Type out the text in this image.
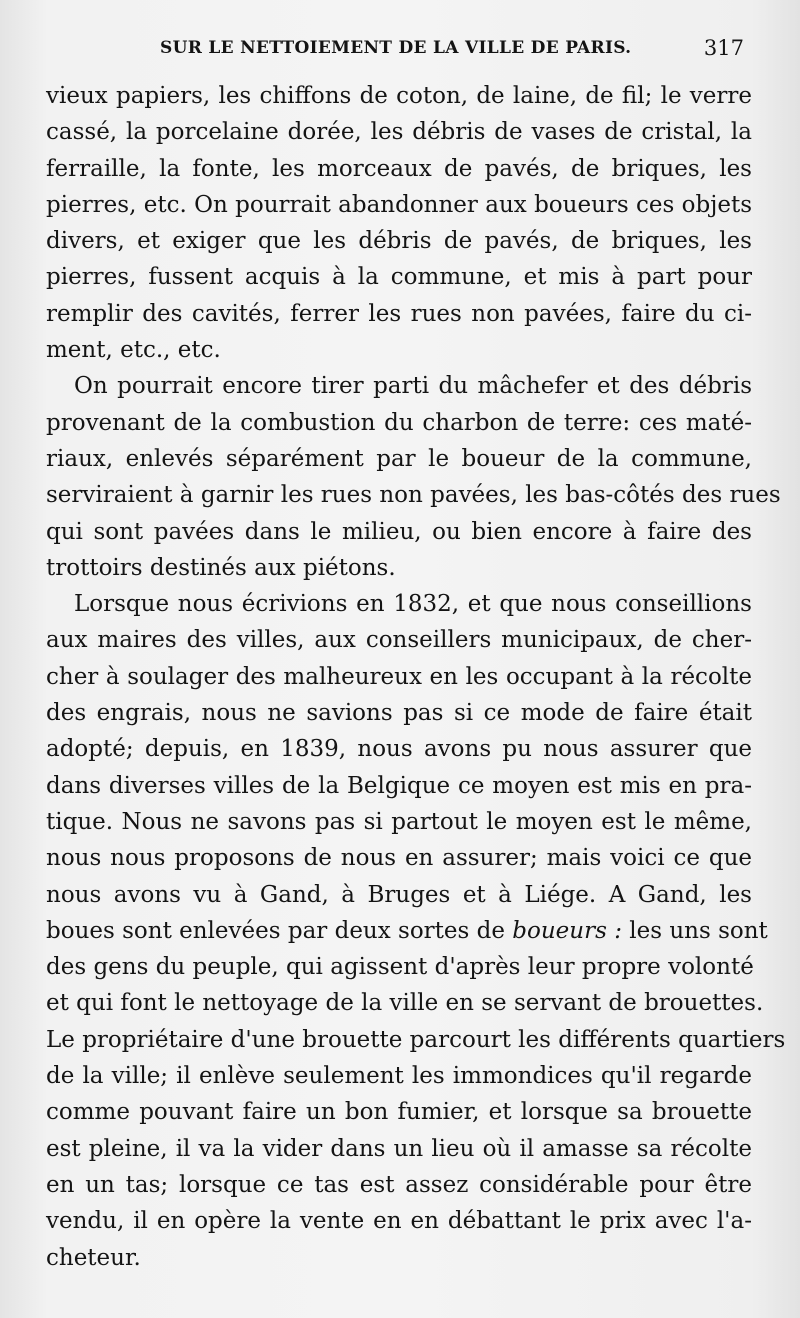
SUR LE NETTOIEMENT DE LA VILLE DE PARIS.	317
vieux papiers, les chiffons de coton, de laine, de fil; le verre
cassé, la porcelaine dorée, les débris de vases de cristal, la
ferraille, la fonte, les morceaux de pavés, de briques, les
pierres, etc. On pourrait abandonner aux boueurs ces objets
divers, et exiger que les débris de pavés, de briques, les
pierres, fussent acquis à la commune, et mis à part pour
remplir des cavités, ferrer les rues non pavées, faire du ci-
ment, etc., etc.
On pourrait encore tirer parti du mâchefer et des débris
provenant de la combustion du charbon de terre: ces maté-
riaux, enlevés séparément par le boueur de la commune,
serviraient à garnir les rues non pavées, les bas-côtés des rues
qui sont pavées dans le milieu, ou bien encore à faire des
trottoirs destinés aux piétons.
Lorsque nous écrivions en 1832, et que nous conseillions
aux maires des villes, aux conseillers municipaux, de cher-
cher à soulager des malheureux en les occupant à la récolte
des engrais, nous ne savions pas si ce mode de faire était
adopté; depuis, en 1839, nous avons pu nous assurer que
dans diverses villes de la Belgique ce moyen est mis en pra-
tique. Nous ne savons pas si partout le moyen est le même,
nous nous proposons de nous en assurer; mais voici ce que
nous avons vu à Gand, à Bruges et à Liége. A Gand, les
boues sont enlevées par deux sortes de boueurs : les uns sont
des gens du peuple, qui agissent d'après leur propre volonté
et qui font le nettoyage de la ville en se servant de brouettes.
Le propriétaire d'une brouette parcourt les différents quartiers
de la ville; il enlève seulement les immondices qu'il regarde
comme pouvant faire un bon fumier, et lorsque sa brouette
est pleine, il va la vider dans un lieu où il amasse sa récolte
en un tas; lorsque ce tas est assez considérable pour être
vendu, il en opère la vente en en débattant le prix avec l'a-
cheteur.
